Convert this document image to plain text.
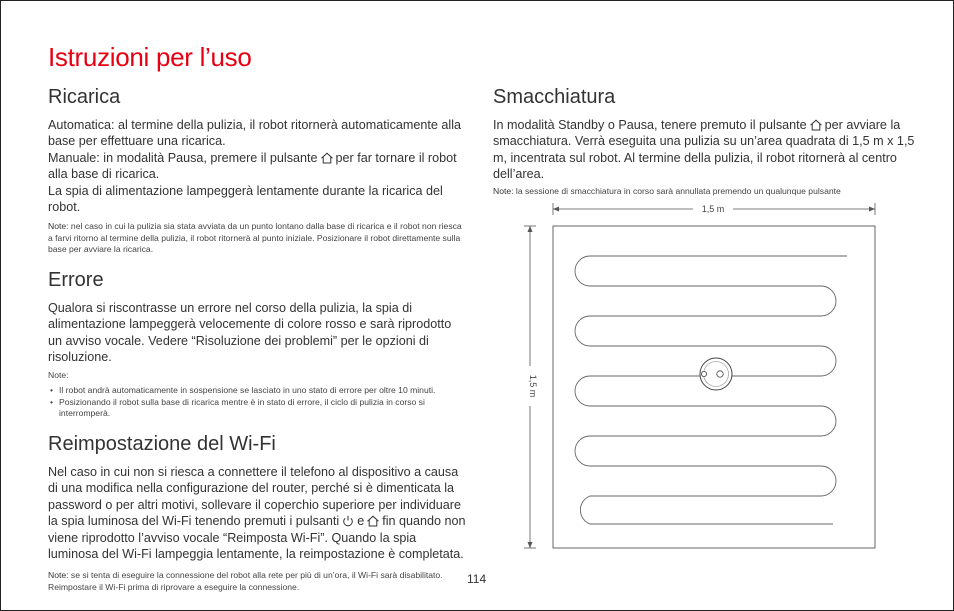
Istruzioni per l’uso
Ricarica

Automatica: al termine della pulizia, il robot ritornerà automaticamente alla base per effettuare una ricarica.

Manuale: in modalità Pausa, premere il pulsante per far tornare il robot alla base di ricarica.

La spia di alimentazione lampeggerà lentamente durante la ricarica del robot.

Note: nel caso in cui la pulizia sia stata avviata da un punto lontano dalla base di ricarica e il robot non riesca a farvi ritorno al termine della pulizia, il robot ritornerà al punto iniziale. Posizionare il robot direttamente sulla base per avviare la ricarica.

Errore

Qualora si riscontrasse un errore nel corso della pulizia, la spia di alimentazione lampeggerà velocemente di colore rosso e sarà riprodotto un avviso vocale. Vedere “Risoluzione dei problemi” per le opzioni di risoluzione.

Note:

• Il robot andrà automaticamente in sospensione se lasciato in uno stato di errore per oltre 10 minuti.
• Posizionando il robot sulla base di ricarica mentre è in stato di errore, il ciclo di pulizia in corso si interromperà.
Reimpostazione del Wi-Fi

Nel caso in cui non si riesca a connettere il telefono al dispositivo a causa di una modifica nella configurazione del router, perché si è dimenticata la password o per altri motivi, sollevare il coperchio superiore per individuare la spia luminosa del Wi-Fi tenendo premuti i pulsanti e fin quando non viene riprodotto l’avviso vocale “Reimposta Wi-Fi”. Quando la spia luminosa del Wi-Fi lampeggia lentamente, la reimpostazione è completata.

Note: se si tenta di eseguire la connessione del robot alla rete per più di un’ora, il Wi-Fi sarà disabilitato. Reimpostare il Wi-Fi prima di riprovare a eseguire la connessione.

Smacchiatura

In modalità Standby o Pausa, tenere premuto il pulsante per avviare la smacchiatura. Verrà eseguita una pulizia su un’area quadrata di 1,5 m x 1,5 m, incentrata sul robot. Al termine della pulizia, il robot ritornerà al centro dell’area.

Note: la sessione di smacchiatura in corso sarà annullata premendo un qualunque pulsante

1,5 m
1,5 m
114
